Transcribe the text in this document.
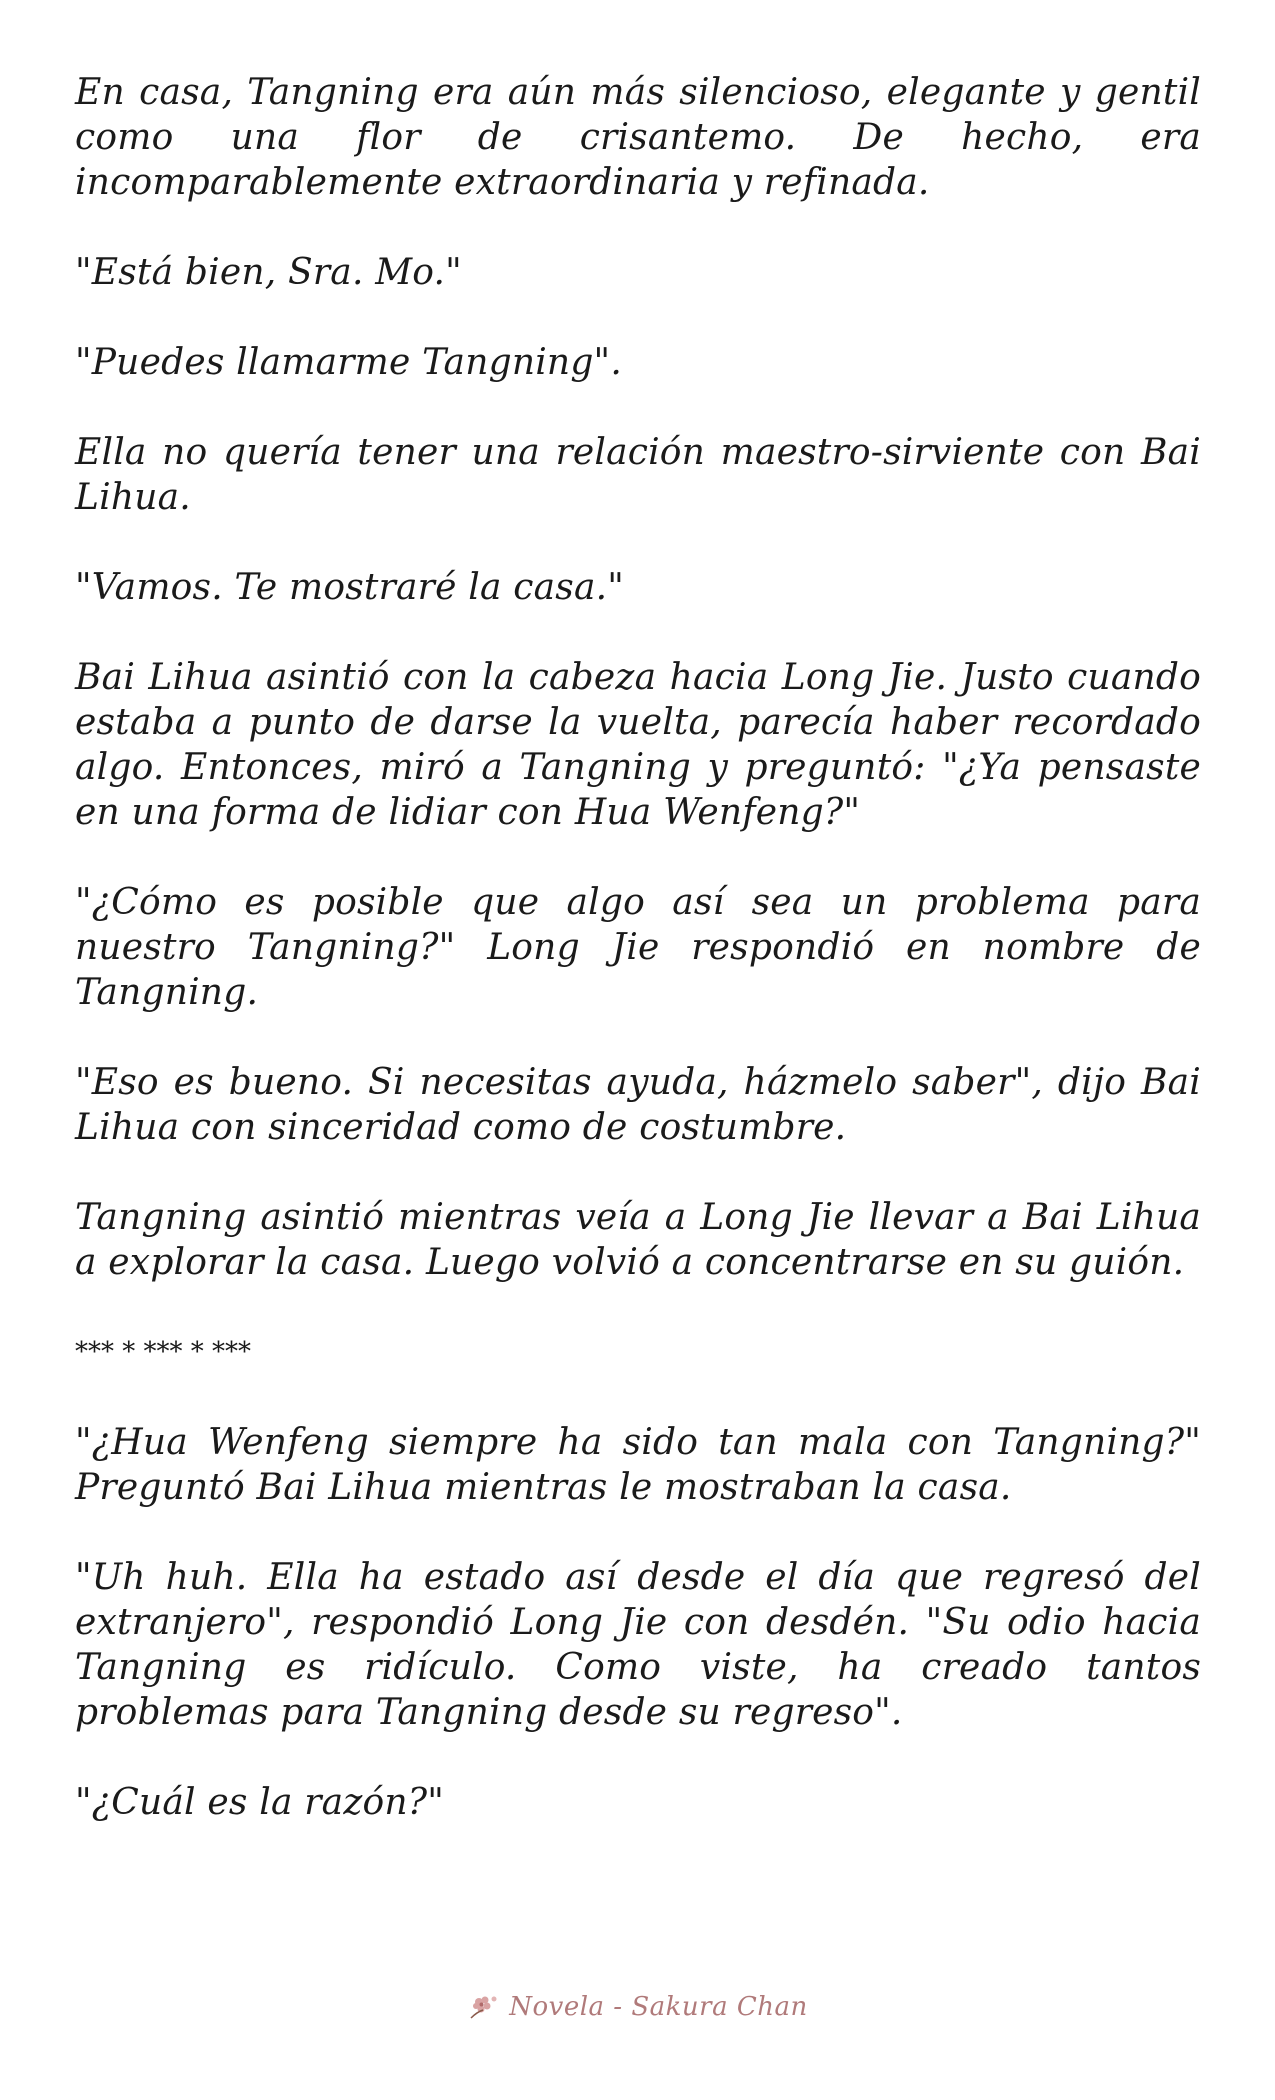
En casa, Tangning era aún más silencioso, elegante y gentil como una flor de crisantemo. De hecho, era incomparablemente extraordinaria y refinada.

"Está bien, Sra. Mo."

"Puedes llamarme Tangning".

Ella no quería tener una relación maestro-sirviente con Bai Lihua.

"Vamos. Te mostraré la casa."

Bai Lihua asintió con la cabeza hacia Long Jie. Justo cuando estaba a punto de darse la vuelta, parecía haber recordado algo. Entonces, miró a Tangning y preguntó: "¿Ya pensaste en una forma de lidiar con Hua Wenfeng?"

"¿Cómo es posible que algo así sea un problema para nuestro Tangning?" Long Jie respondió en nombre de Tangning.

"Eso es bueno. Si necesitas ayuda, házmelo saber", dijo Bai Lihua con sinceridad como de costumbre.

Tangning asintió mientras veía a Long Jie llevar a Bai Lihua a explorar la casa. Luego volvió a concentrarse en su guión.

*** * *** * ***

"¿Hua Wenfeng siempre ha sido tan mala con Tangning?" Preguntó Bai Lihua mientras le mostraban la casa.

"Uh huh. Ella ha estado así desde el día que regresó del extranjero", respondió Long Jie con desdén. "Su odio hacia Tangning es ridículo. Como viste, ha creado tantos problemas para Tangning desde su regreso".

"¿Cuál es la razón?"

Novela - Sakura Chan
